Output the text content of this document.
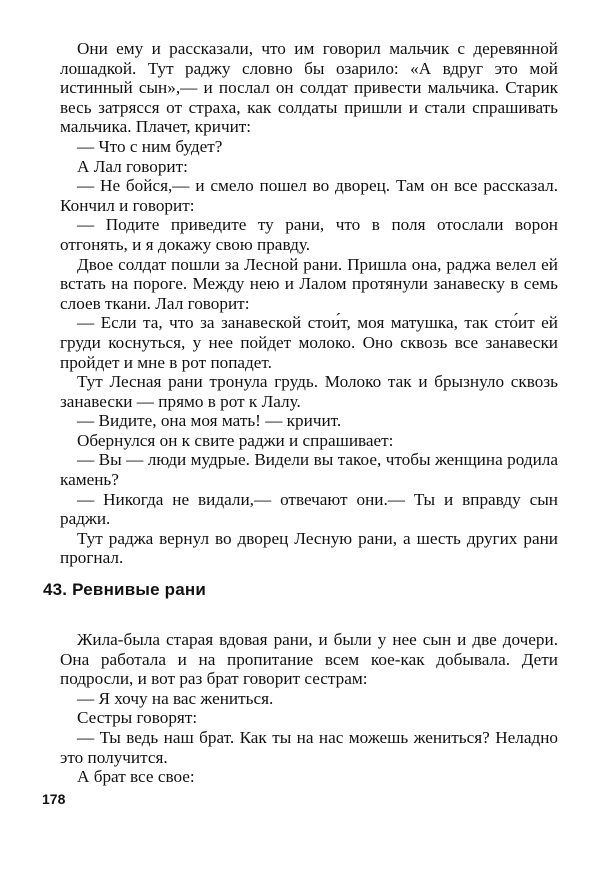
Они ему и рассказали, что им говорил мальчик с деревянной лошадкой. Тут раджу словно бы озарило: «А вдруг это мой истинный сын»,— и послал он солдат привести мальчика. Старик весь затрясся от страха, как солдаты пришли и стали спрашивать мальчика. Плачет, кричит:

— Что с ним будет?

А Лал говорит:

— Не бойся,— и смело пошел во дворец. Там он все рассказал. Кончил и говорит:

— Подите приведите ту рани, что в поля отослали ворон отгонять, и я докажу свою правду.

Двое солдат пошли за Лесной рани. Пришла она, раджа велел ей встать на пороге. Между нею и Лалом протянули занавеску в семь слоев ткани. Лал говорит:

— Если та, что за занавеской стои́т, моя матушка, так сто́ит ей груди коснуться, у нее пойдет молоко. Оно сквозь все занавески пройдет и мне в рот попадет.

Тут Лесная рани тронула грудь. Молоко так и брызнуло сквозь занавески — прямо в рот к Лалу.

— Видите, она моя мать! — кричит.

Обернулся он к свите раджи и спрашивает:

— Вы — люди мудрые. Видели вы такое, чтобы женщина родила камень?

— Никогда не видали,— отвечают они.— Ты и вправду сын раджи.

Тут раджа вернул во дворец Лесную рани, а шесть других рани прогнал.

43. Ревнивые рани

Жила-была старая вдовая рани, и были у нее сын и две дочери. Она работала и на пропитание всем кое-как добывала. Дети подросли, и вот раз брат говорит сестрам:

— Я хочу на вас жениться.

Сестры говорят:

— Ты ведь наш брат. Как ты на нас можешь жениться? Неладно это получится.

А брат все свое:

178
